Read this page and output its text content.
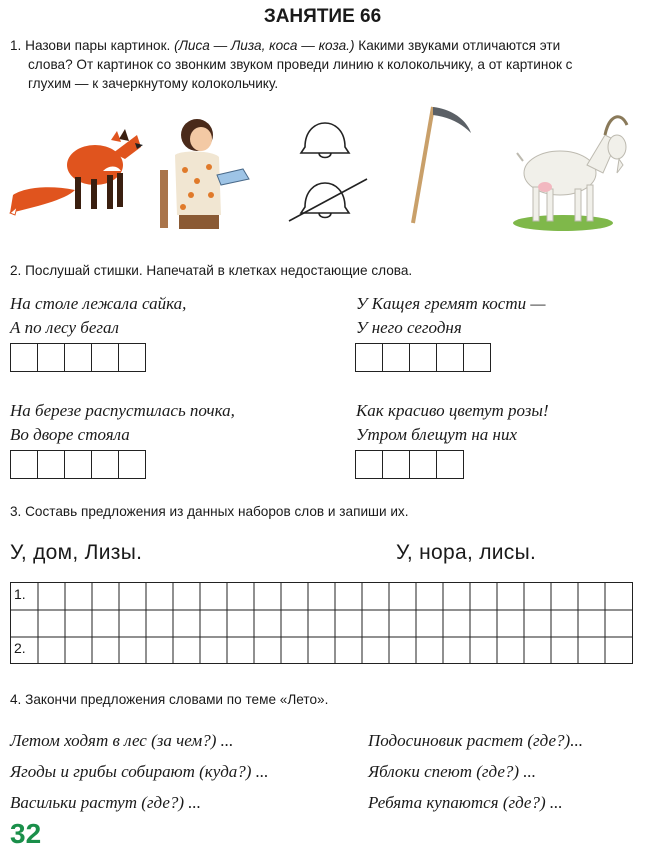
ЗАНЯТИЕ 66
1. Назови пары картинок. (Лиса — Лиза, коса — коза.) Какими звуками отличаются эти
слова? От картинок со звонким звуком проведи линию к колокольчику, а от картинок с
глухим — к зачеркнутому колокольчику.
2. Послушай стишки. Напечатай в клетках недостающие слова.
На столе лежала сайка,
А по лесу бегал
У Кащея гремят кости —
У него сегодня
На березе распустилась почка,
Во дворе стояла
Как красиво цветут розы!
Утром блещут на них
3. Составь предложения из данных наборов слов и запиши их.
У, дом, Лизы.	У, нора, лисы.
1.
2.
4. Закончи предложения словами по теме «Лето».
Летом ходят в лес (за чем?) ...
Ягоды и грибы собирают (куда?) ...
Васильки растут (где?) ...
Подосиновик растет (где?)...
Яблоки спеют (где?) ...
Ребята купаются (где?) ...
32
